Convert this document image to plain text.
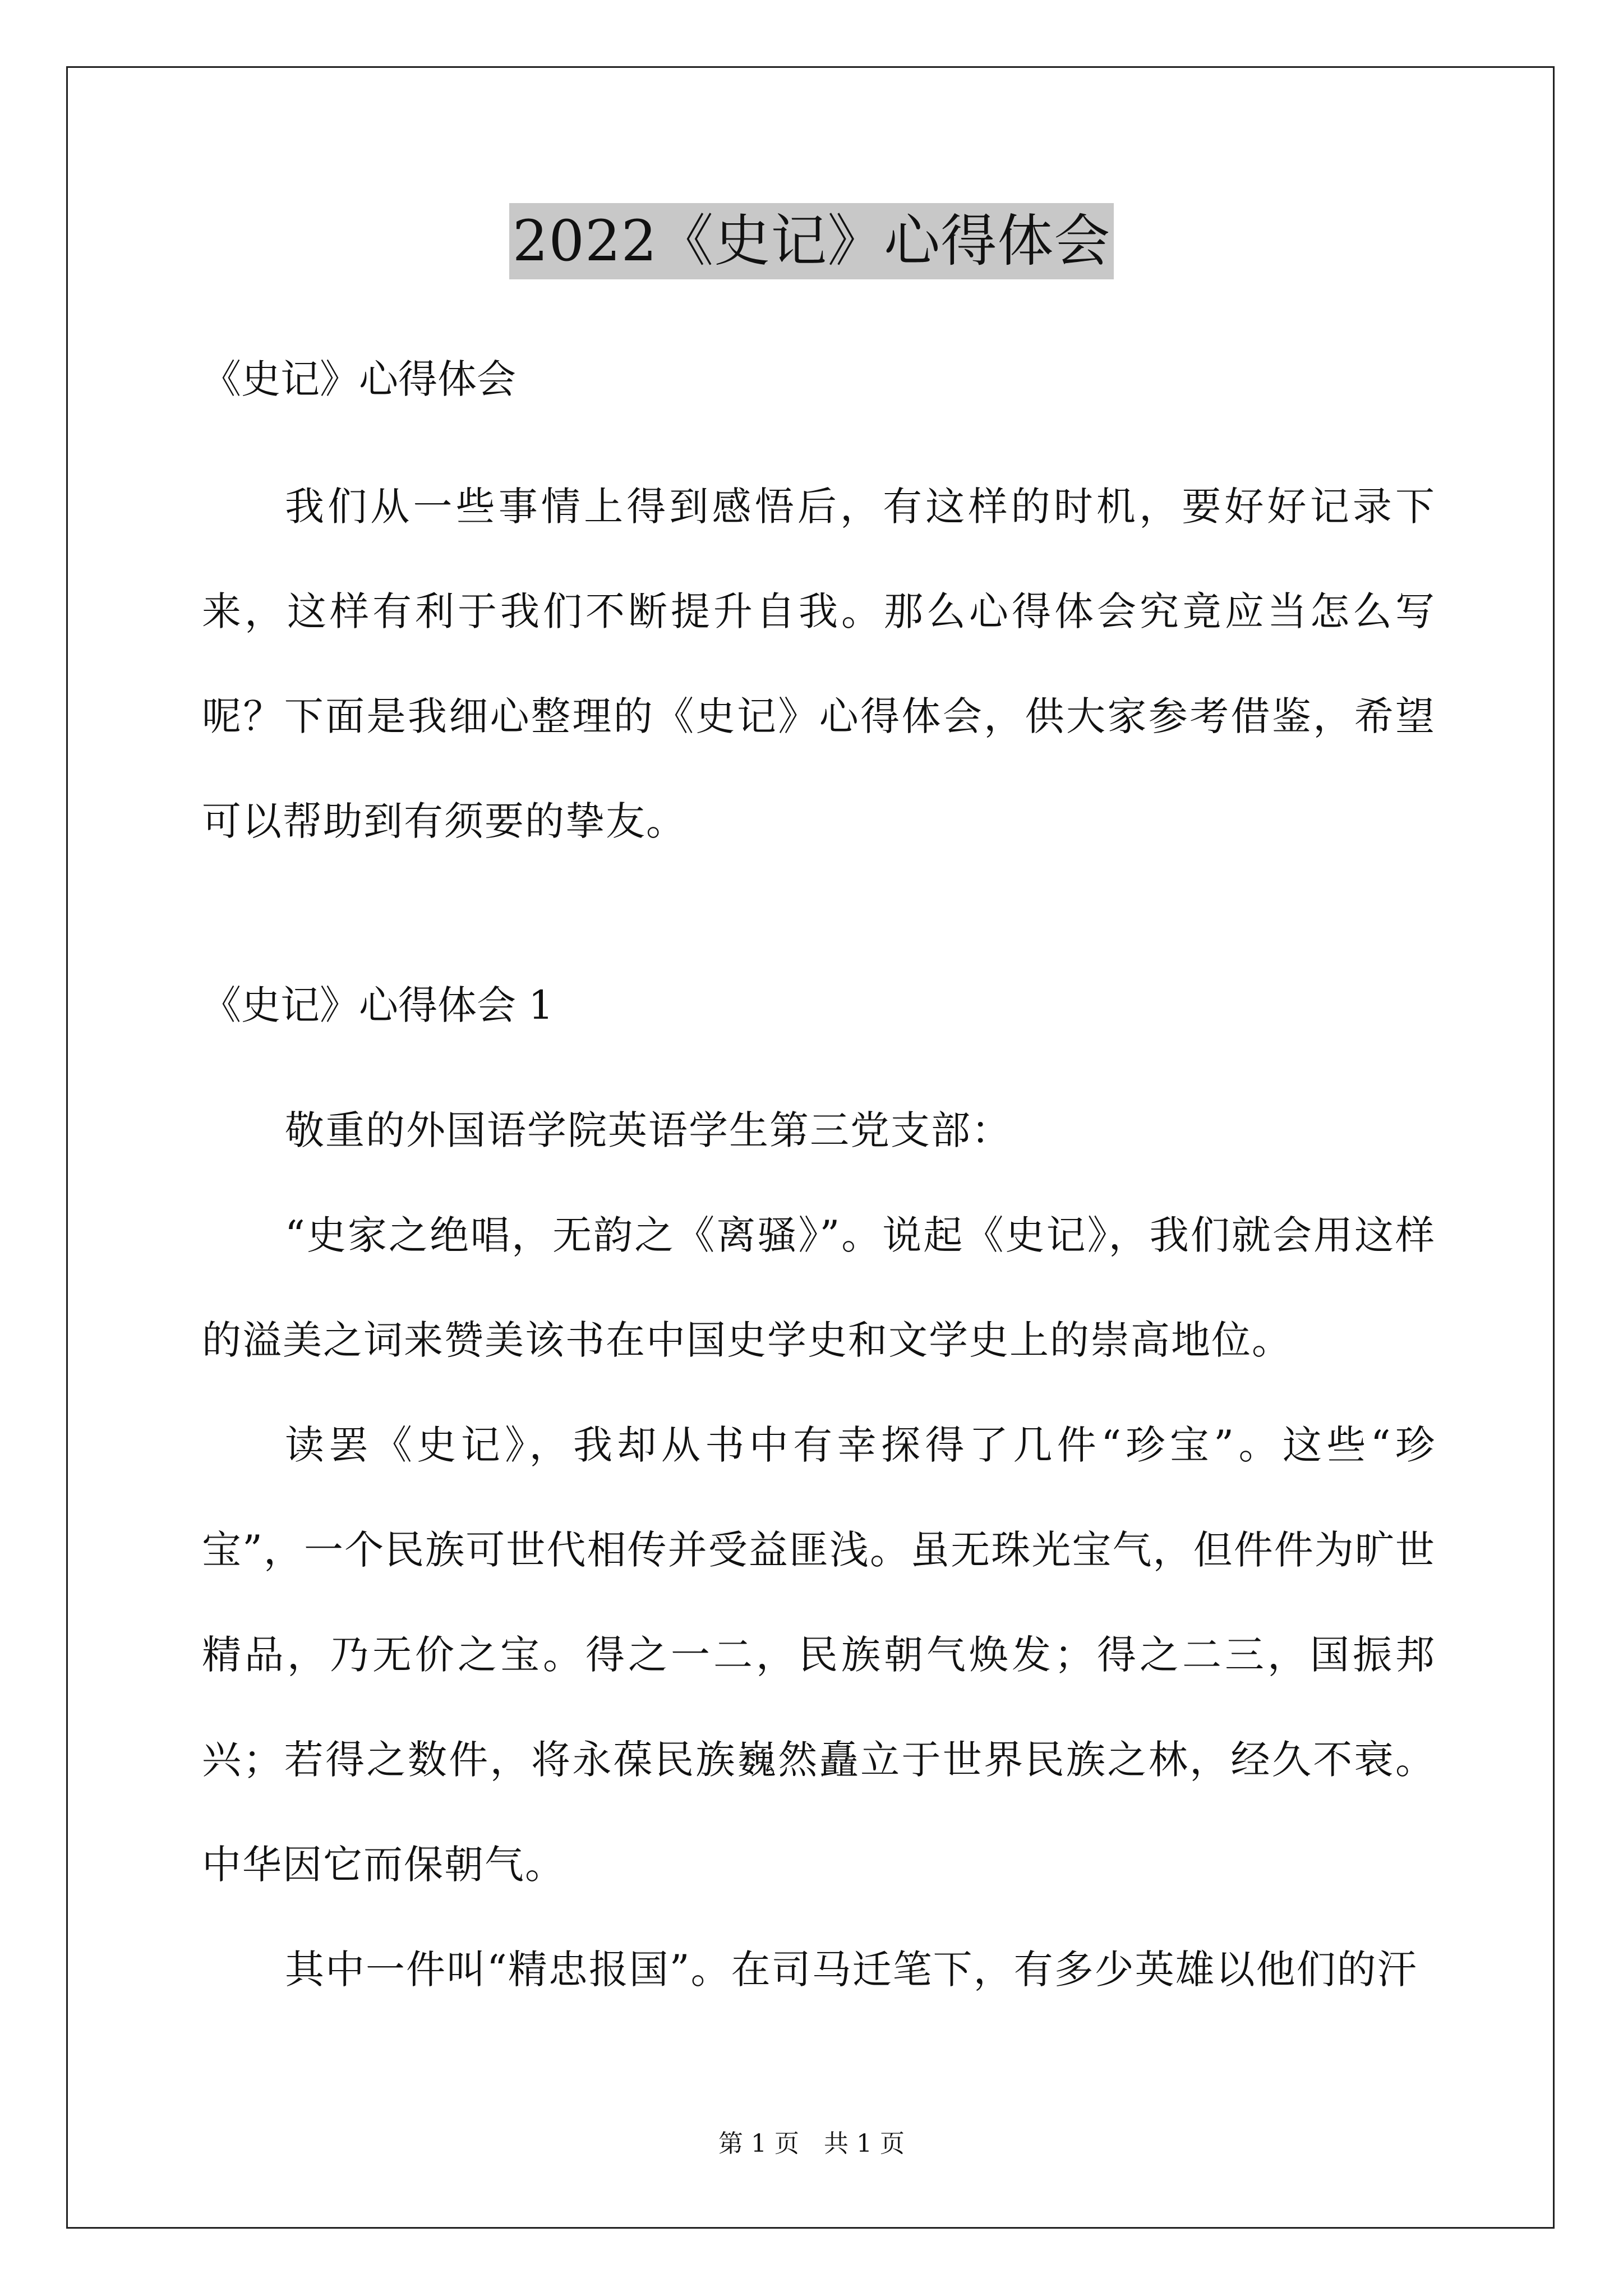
2022《史记》心得体会

《史记》心得体会

我们从一些事情上得到感悟后，有这样的时机，要好好记录下来，这样有利于我们不断提升自我。那么心得体会究竟应当怎么写呢？下面是我细心整理的《史记》心得体会，供大家参考借鉴，希望可以帮助到有须要的挚友。

《史记》心得体会 1

敬重的外国语学院英语学生第三党支部：

“史家之绝唱，无韵之《离骚》”。说起《史记》，我们就会用这样的溢美之词来赞美该书在中国史学史和文学史上的崇高地位。

读罢《史记》，我却从书中有幸探得了几件“珍宝”。这些“珍宝”，一个民族可世代相传并受益匪浅。虽无珠光宝气，但件件为旷世精品，乃无价之宝。得之一二，民族朝气焕发；得之二三，国振邦兴；若得之数件，将永葆民族巍然矗立于世界民族之林，经久不衰。中华因它而保朝气。

其中一件叫“精忠报国”。在司马迁笔下，有多少英雄以他们的汗

第 1 页 共 1 页
